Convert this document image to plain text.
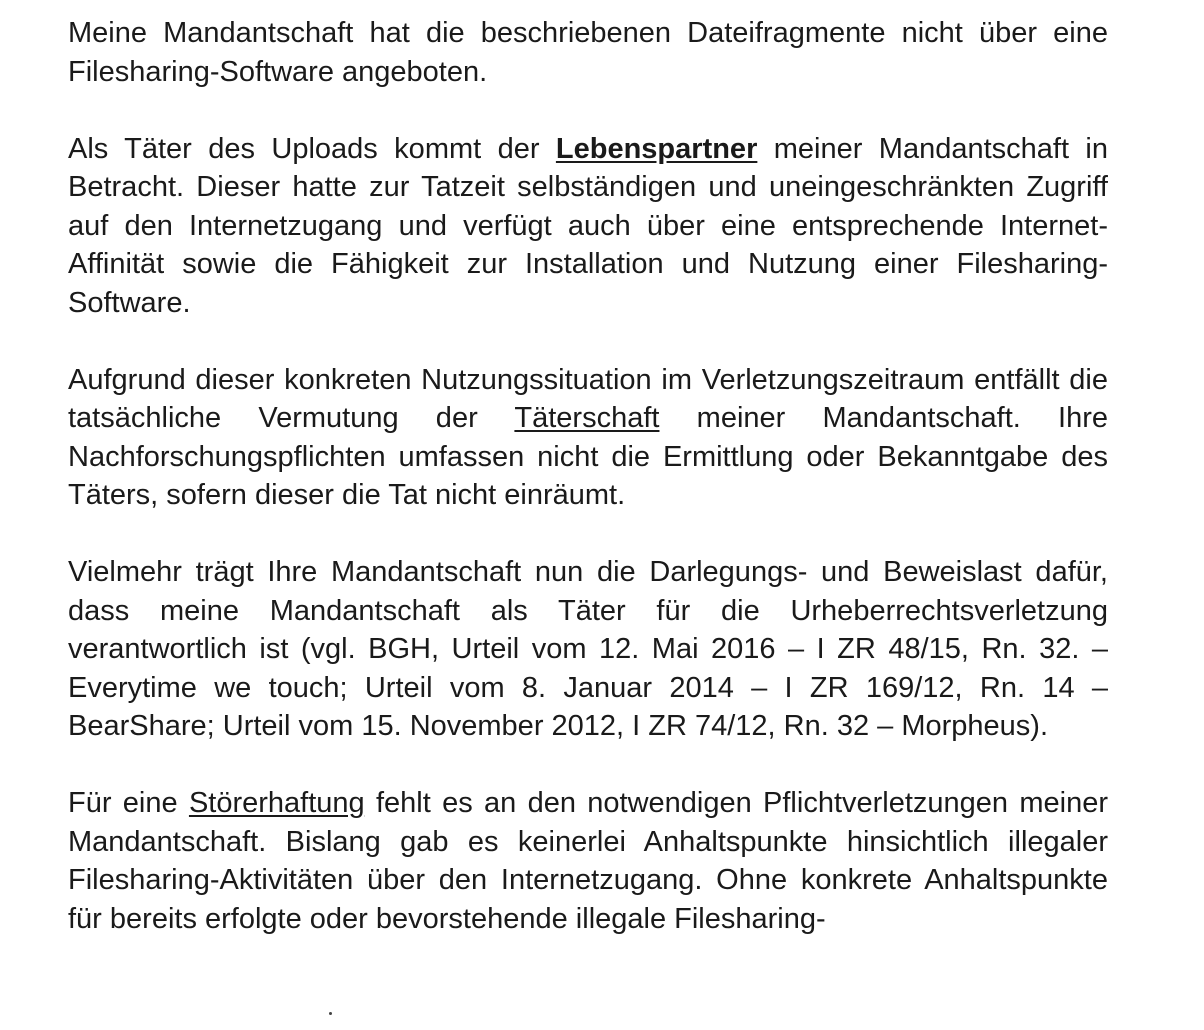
Meine Mandantschaft hat die beschriebenen Dateifragmente nicht über eine Filesharing-Software angeboten.

Als Täter des Uploads kommt der Lebenspartner meiner Mandantschaft in Betracht. Dieser hatte zur Tatzeit selbständigen und uneingeschränkten Zugriff auf den Internetzugang und verfügt auch über eine entsprechende Internet-Affinität sowie die Fähigkeit zur Installation und Nutzung einer Filesharing-Software.

Aufgrund dieser konkreten Nutzungssituation im Verletzungszeitraum entfällt die tatsächliche Vermutung der Täterschaft meiner Mandantschaft. Ihre Nachforschungspflichten umfassen nicht die Ermittlung oder Bekanntgabe des Täters, sofern dieser die Tat nicht einräumt.

Vielmehr trägt Ihre Mandantschaft nun die Darlegungs- und Beweislast dafür, dass meine Mandantschaft als Täter für die Urheberrechtsverletzung verantwortlich ist (vgl. BGH, Urteil vom 12. Mai 2016 – I ZR 48/15, Rn. 32. – Everytime we touch; Urteil vom 8. Januar 2014 – I ZR 169/12, Rn. 14 – BearShare; Urteil vom 15. November 2012, I ZR 74/12, Rn. 32 – Morpheus).

Für eine Störerhaftung fehlt es an den notwendigen Pflichtverletzungen meiner Mandantschaft. Bislang gab es keinerlei Anhaltspunkte hinsichtlich illegaler Filesharing-Aktivitäten über den Internetzugang. Ohne konkrete Anhaltspunkte für bereits erfolgte oder bevorstehende illegale Filesharing-
